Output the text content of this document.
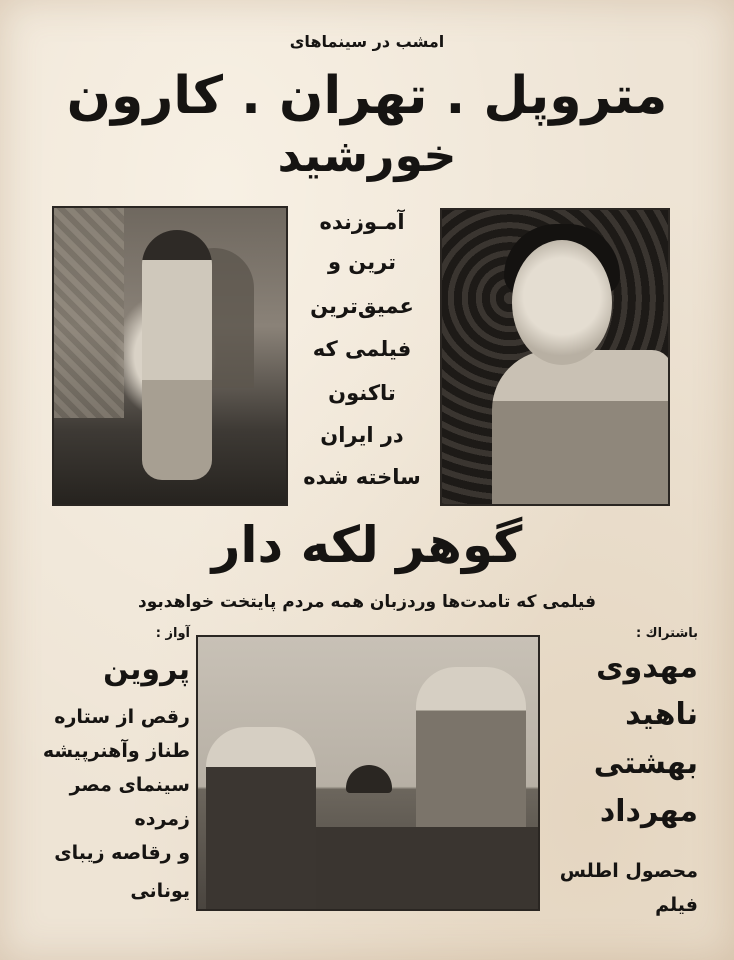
امشب در سینماهای
متروپل . تهران . کارون
خورشید
آمـوزنده
ترین و
عمیق‌ترین
فیلمی که
تاکنون
در ایران
ساخته شده
گوهر لکه دار
فیلمی که تامدت‌ها وردزبان همه مردم پایتخت خواهدبود
باشتراك :
مهدوی
ناهید
بهشتی
مهرداد
محصول اطلس
فیلم
آواز :
پروین
رقص از ستاره
طناز و‌آهنرپیشه
سینمای مصر
زمرده
و رقاصه زیبای
یونانی
